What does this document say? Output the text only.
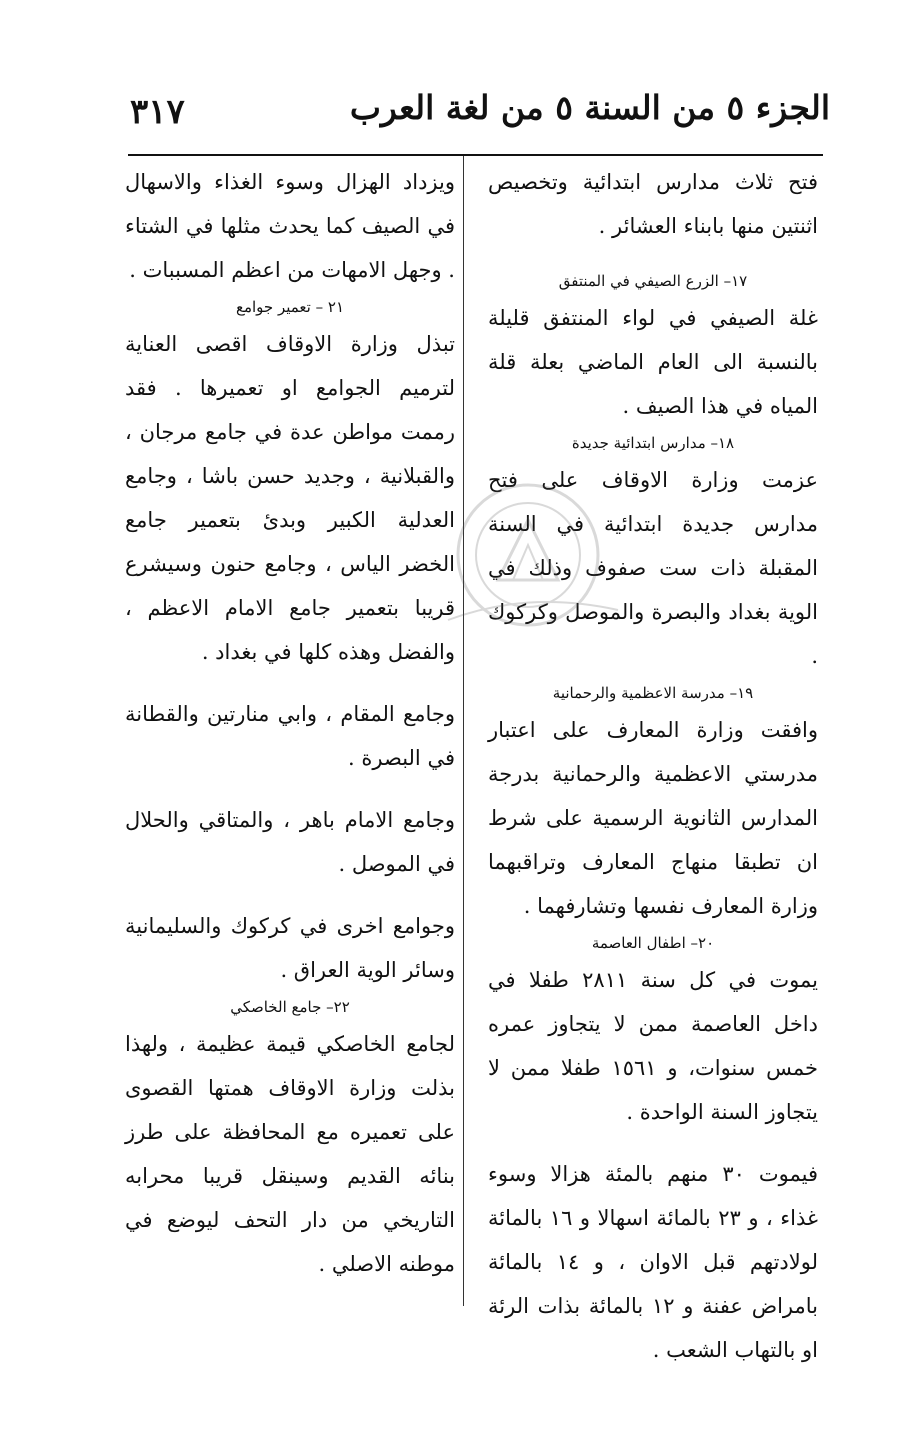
٣١٧	الجزء ٥ من السنة ٥ من لغة العرب

فتح ثلاث مدارس ابتدائية وتخصيص اثنتين منها بابناء العشائر .

١٧– الزرع الصيفي في المنتفق

غلة الصيفي في لواء المنتفق قليلة بالنسبة الى العام الماضي بعلة قلة المياه في هذا الصيف .

١٨– مدارس ابتدائية جديدة

عزمت وزارة الاوقاف على فتح مدارس جديدة ابتدائية في السنة المقبلة ذات ست صفوف وذلك في الوية بغداد والبصرة والموصل وكركوك .

١٩– مدرسة الاعظمية والرحمانية

وافقت وزارة المعارف على اعتبار مدرستي الاعظمية والرحمانية بدرجة المدارس الثانوية الرسمية على شرط ان تطبقا منهاج المعارف وتراقبهما وزارة المعارف نفسها وتشارفهما .

٢٠– اطفال العاصمة

يموت في كل سنة ٢٨١١ طفلا في داخل العاصمة ممن لا يتجاوز عمره خمس سنوات، و ١٥٦١ طفلا ممن لا يتجاوز السنة الواحدة .

فيموت ٣٠ منهم بالمئة هزالا وسوء غذاء ، و ٢٣ بالمائة اسهالا و ١٦ بالمائة لولادتهم قبل الاوان ، و ١٤ بالمائة بامراض عفنة و ١٢ بالمائة بذات الرئة او بالتهاب الشعب .

ويزداد الهزال وسوء الغذاء والاسهال في الصيف كما يحدث مثلها في الشتاء . وجهل الامهات من اعظم المسببات .

٢١ – تعمير جوامع

تبذل وزارة الاوقاف اقصى العناية لترميم الجوامع او تعميرها . فقد رممت مواطن عدة في جامع مرجان ، والقبلانية ، وجديد حسن باشا ، وجامع العدلية الكبير وبدئ بتعمير جامع الخضر الياس ، وجامع حنون وسيشرع قريبا بتعمير جامع الامام الاعظم ، والفضل وهذه كلها في بغداد .

وجامع المقام ، وابي منارتين والقطانة في البصرة .

وجامع الامام باهر ، والمتاقي والحلال في الموصل .

وجوامع اخرى في كركوك والسليمانية وسائر الوية العراق .

٢٢– جامع الخاصكي

لجامع الخاصكي قيمة عظيمة ، ولهذا بذلت وزارة الاوقاف همتها القصوى على تعميره مع المحافظة على طرز بنائه القديم وسينقل قريبا محرابه التاريخي من دار التحف ليوضع في موطنه الاصلي .
